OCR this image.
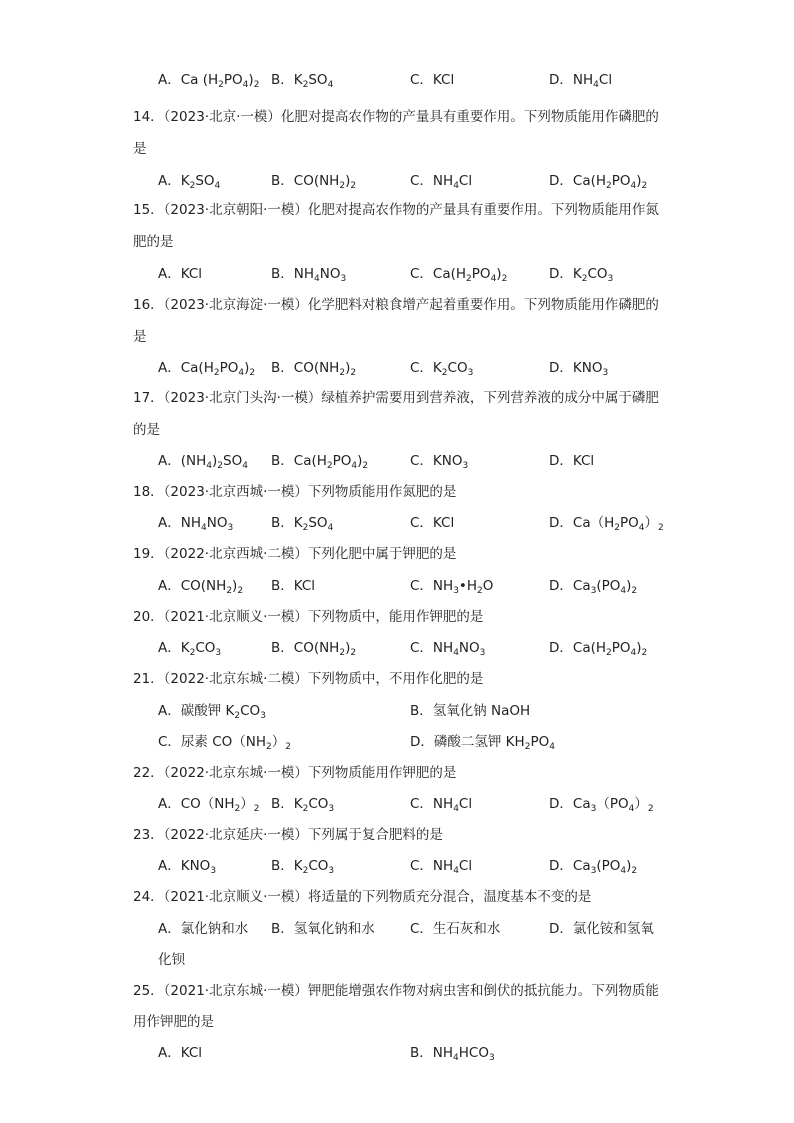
A．Ca $(H_2PO_4)_2$ B．$K_2SO_4$	C．KCl	D．$NH_4Cl$
14．（2023·北京·一模）化肥对提高农作物的产量具有重要作用。下列物质能用作磷肥的
是
A．$K_2SO_4$	B．$CO(NH_2)_2$	C．$NH_4Cl$	D．$Ca(H_2PO_4)_2$
15．（2023·北京朝阳·一模）化肥对提高农作物的产量具有重要作用。下列物质能用作氮
肥的是
A．KCl	B．$NH_4NO_3$	C．$Ca(H_2PO_4)_2$	D．$K_2CO_3$
16．（2023·北京海淀·一模）化学肥料对粮食增产起着重要作用。下列物质能用作磷肥的
是
A．$Ca(H_2PO_4)_2$ B．$CO(NH_2)_2$	C．$K_2CO_3$	D．$KNO_3$
17．（2023·北京门头沟·一模）绿植养护需要用到营养液，下列营养液的成分中属于磷肥
的是
A．$(NH_4)_2SO_4$ B．$Ca(H_2PO_4)_2$	C．$KNO_3$	D．KCl
18．（2023·北京西城·一模）下列物质能用作氮肥的是
A．$NH_4NO_3$	B．$K_2SO_4$	C．KCl	D．$Ca(H_2PO_4)_2$
19．（2022·北京西城·二模）下列化肥中属于钾肥的是
A．$CO(NH_2)_2$ B．KCl	C．$NH_3•H_2O$	D．$Ca_3(PO_4)_2$
20．（2021·北京顺义·一模）下列物质中，能用作钾肥的是
A．$K_2CO_3$	B．$CO(NH_2)_2$	C．$NH_4NO_3$	D．$Ca(H_2PO_4)_2$
21．（2022·北京东城·二模）下列物质中，不用作化肥的是
A．碳酸钾 $K_2CO_3$	B．氢氧化钠 NaOH
C．尿素 $CO(NH_2)_2$	D．磷酸二氢钾 $KH_2PO_4$
22．（2022·北京东城·一模）下列物质能用作钾肥的是
A．$CO(NH_2)_2$ B．$K_2CO_3$	C．$NH_4Cl$	D．$Ca_3(PO_4)_2$
23．（2022·北京延庆·一模）下列属于复合肥料的是
A．$KNO_3$	B．$K_2CO_3$	C．$NH_4Cl$	D．$Ca_3(PO_4)_2$
24．（2021·北京顺义·一模）将适量的下列物质充分混合，温度基本不变的是
A．氯化钠和水 B．氢氧化钠和水	C．生石灰和水	D．氯化铵和氢氧
化钡
25．（2021·北京东城·一模）钾肥能增强农作物对病虫害和倒伏的抵抗能力。下列物质能
用作钾肥的是
A．KCl	B．$NH_4HCO_3$
